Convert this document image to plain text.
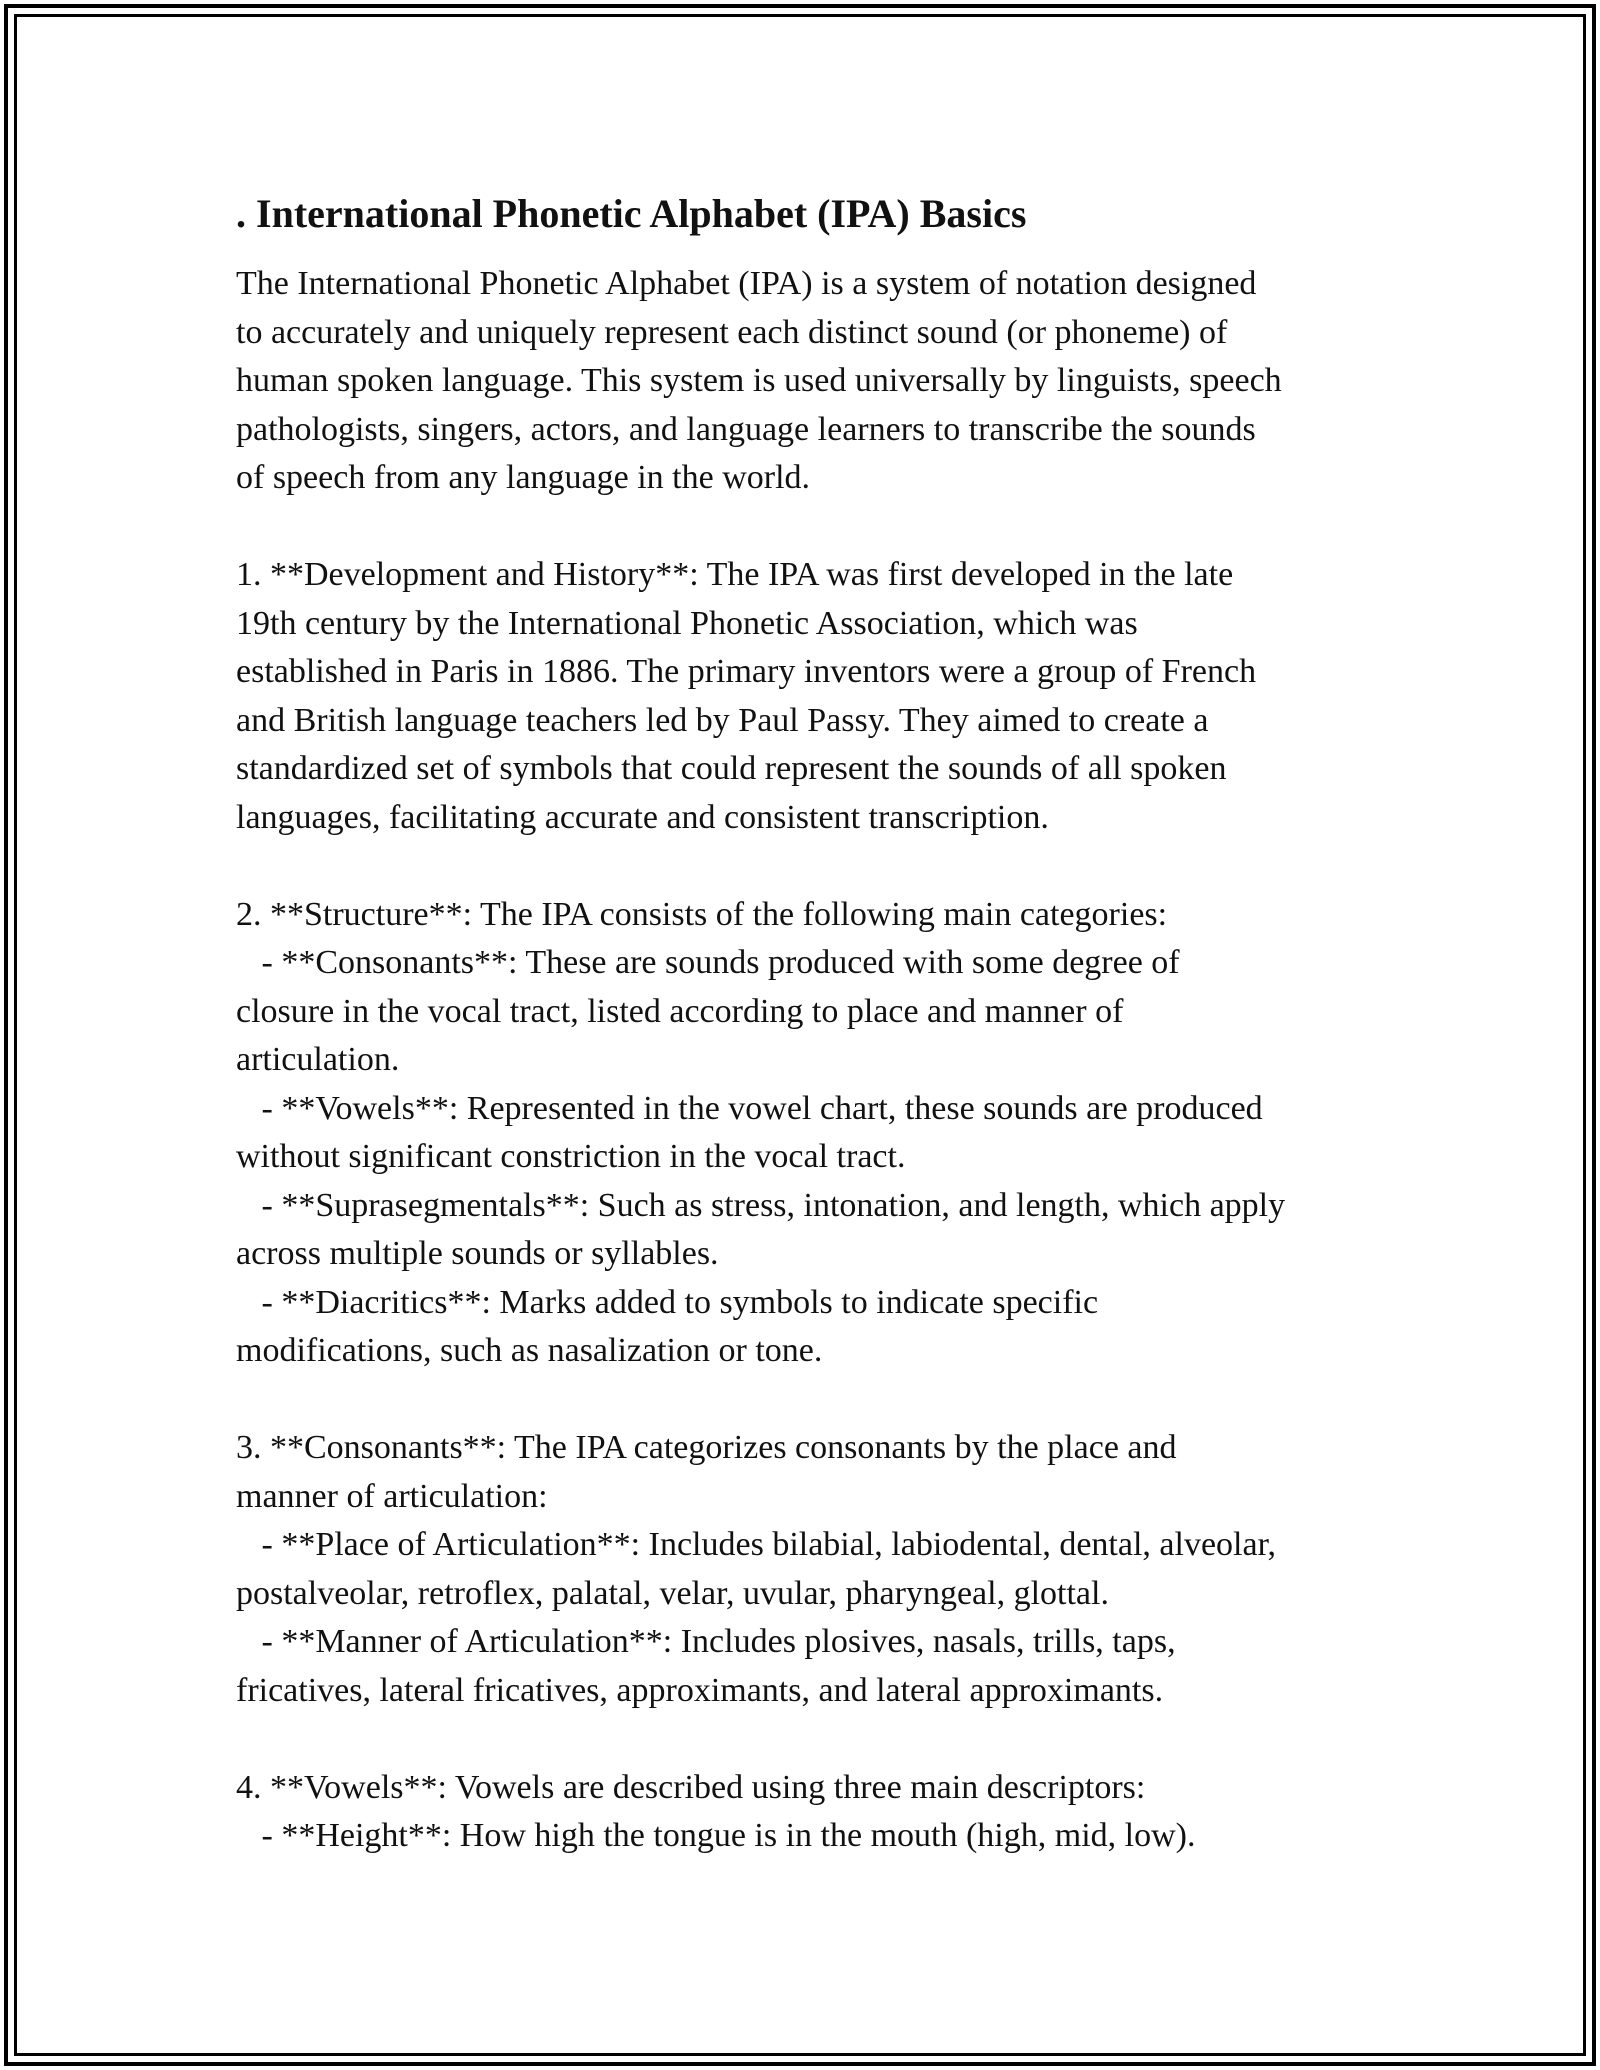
. International Phonetic Alphabet (IPA) Basics
The International Phonetic Alphabet (IPA) is a system of notation designed
to accurately and uniquely represent each distinct sound (or phoneme) of
human spoken language. This system is used universally by linguists, speech
pathologists, singers, actors, and language learners to transcribe the sounds
of speech from any language in the world.
1. **Development and History**: The IPA was first developed in the late
19th century by the International Phonetic Association, which was
established in Paris in 1886. The primary inventors were a group of French
and British language teachers led by Paul Passy. They aimed to create a
standardized set of symbols that could represent the sounds of all spoken
languages, facilitating accurate and consistent transcription.
2. **Structure**: The IPA consists of the following main categories:
- **Consonants**: These are sounds produced with some degree of
closure in the vocal tract, listed according to place and manner of
articulation.
- **Vowels**: Represented in the vowel chart, these sounds are produced
without significant constriction in the vocal tract.
- **Suprasegmentals**: Such as stress, intonation, and length, which apply
across multiple sounds or syllables.
- **Diacritics**: Marks added to symbols to indicate specific
modifications, such as nasalization or tone.
3. **Consonants**: The IPA categorizes consonants by the place and
manner of articulation:
- **Place of Articulation**: Includes bilabial, labiodental, dental, alveolar,
postalveolar, retroflex, palatal, velar, uvular, pharyngeal, glottal.
- **Manner of Articulation**: Includes plosives, nasals, trills, taps,
fricatives, lateral fricatives, approximants, and lateral approximants.
4. **Vowels**: Vowels are described using three main descriptors:
- **Height**: How high the tongue is in the mouth (high, mid, low).
